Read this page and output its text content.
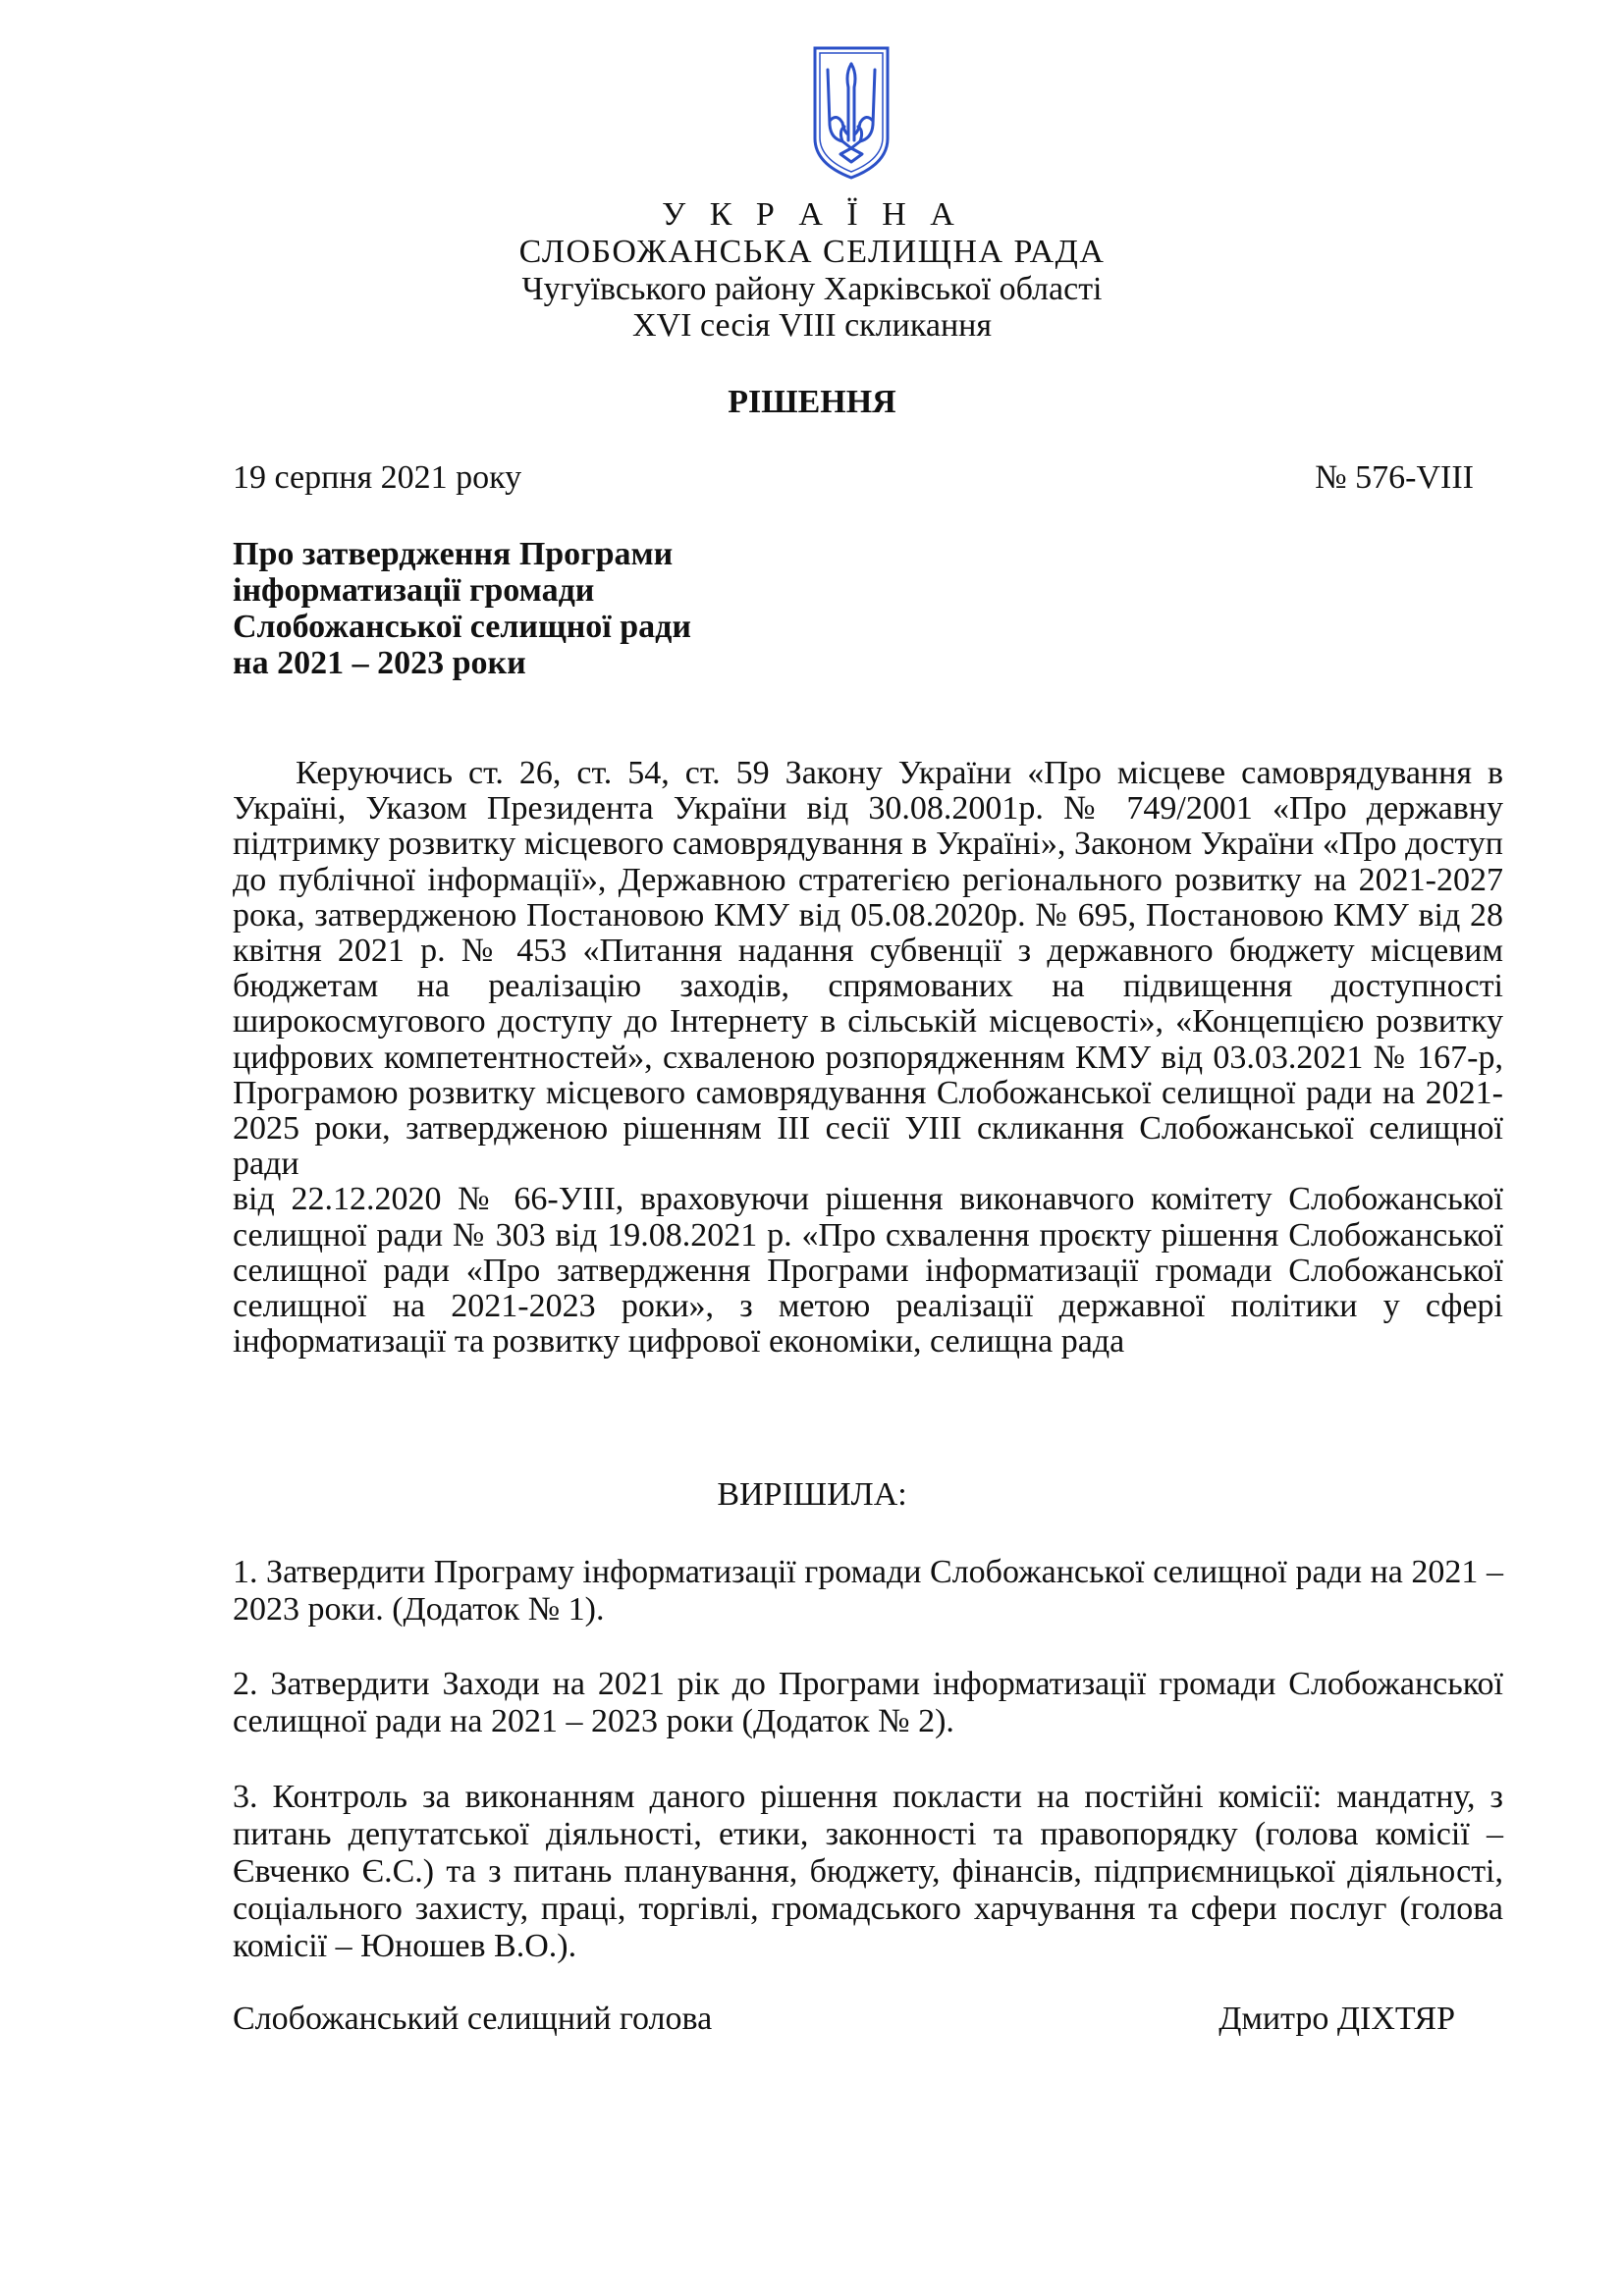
У К Р А Ї Н А
СЛОБОЖАНСЬКА СЕЛИЩНА РАДА
Чугуївського району Харківської області
XVI сесія VIII скликання
РІШЕННЯ
19 серпня 2021 року	№ 576-VIII
Про затвердження Програми
інформатизації громади
Слобожанської селищної ради
на 2021 – 2023 роки
Керуючись ст. 26, ст. 54, ст. 59 Закону України «Про місцеве самоврядування в
Україні, Указом Президента України від 30.08.2001р. № 749/2001 «Про державну
підтримку розвитку місцевого самоврядування в Україні», Законом України «Про доступ
до публічної інформації», Державною стратегією регіонального розвитку на 2021-2027
рока, затвердженою Постановою КМУ від 05.08.2020р. № 695, Постановою КМУ від 28
квітня 2021 р. № 453 «Питання надання субвенції з державного бюджету місцевим
бюджетам на реалізацію заходів, спрямованих на підвищення доступності
широкосмугового доступу до Інтернету в сільській місцевості», «Концепцією розвитку
цифрових компетентностей», схваленою розпорядженням КМУ від 03.03.2021 № 167-р,
Програмою розвитку місцевого самоврядування Слобожанської селищної ради на 2021-
2025 роки, затвердженою рішенням ІІІ сесії УІІІ скликання Слобожанської селищної ради
від 22.12.2020 № 66-УІІІ, враховуючи рішення виконавчого комітету Слобожанської
селищної ради № 303 від 19.08.2021 р. «Про схвалення проєкту рішення Слобожанської
селищної ради «Про затвердження Програми інформатизації громади Слобожанської
селищної на 2021-2023 роки», з метою реалізації державної політики у сфері
інформатизації та розвитку цифрової економіки, селищна рада
ВИРІШИЛА:
1. Затвердити Програму інформатизації громади Слобожанської селищної ради на 2021 –
2023 роки. (Додаток № 1).
2. Затвердити Заходи на 2021 рік до Програми інформатизації громади Слобожанської
селищної ради на 2021 – 2023 роки (Додаток № 2).
3. Контроль за виконанням даного рішення покласти на постійні комісії: мандатну, з
питань депутатської діяльності, етики, законності та правопорядку (голова комісії –
Євченко Є.С.) та з питань планування, бюджету, фінансів, підприємницької діяльності,
соціального захисту, праці, торгівлі, громадського харчування та сфери послуг (голова
комісії – Юношев В.О.).
Слобожанський селищний голова	Дмитро ДІХТЯР
